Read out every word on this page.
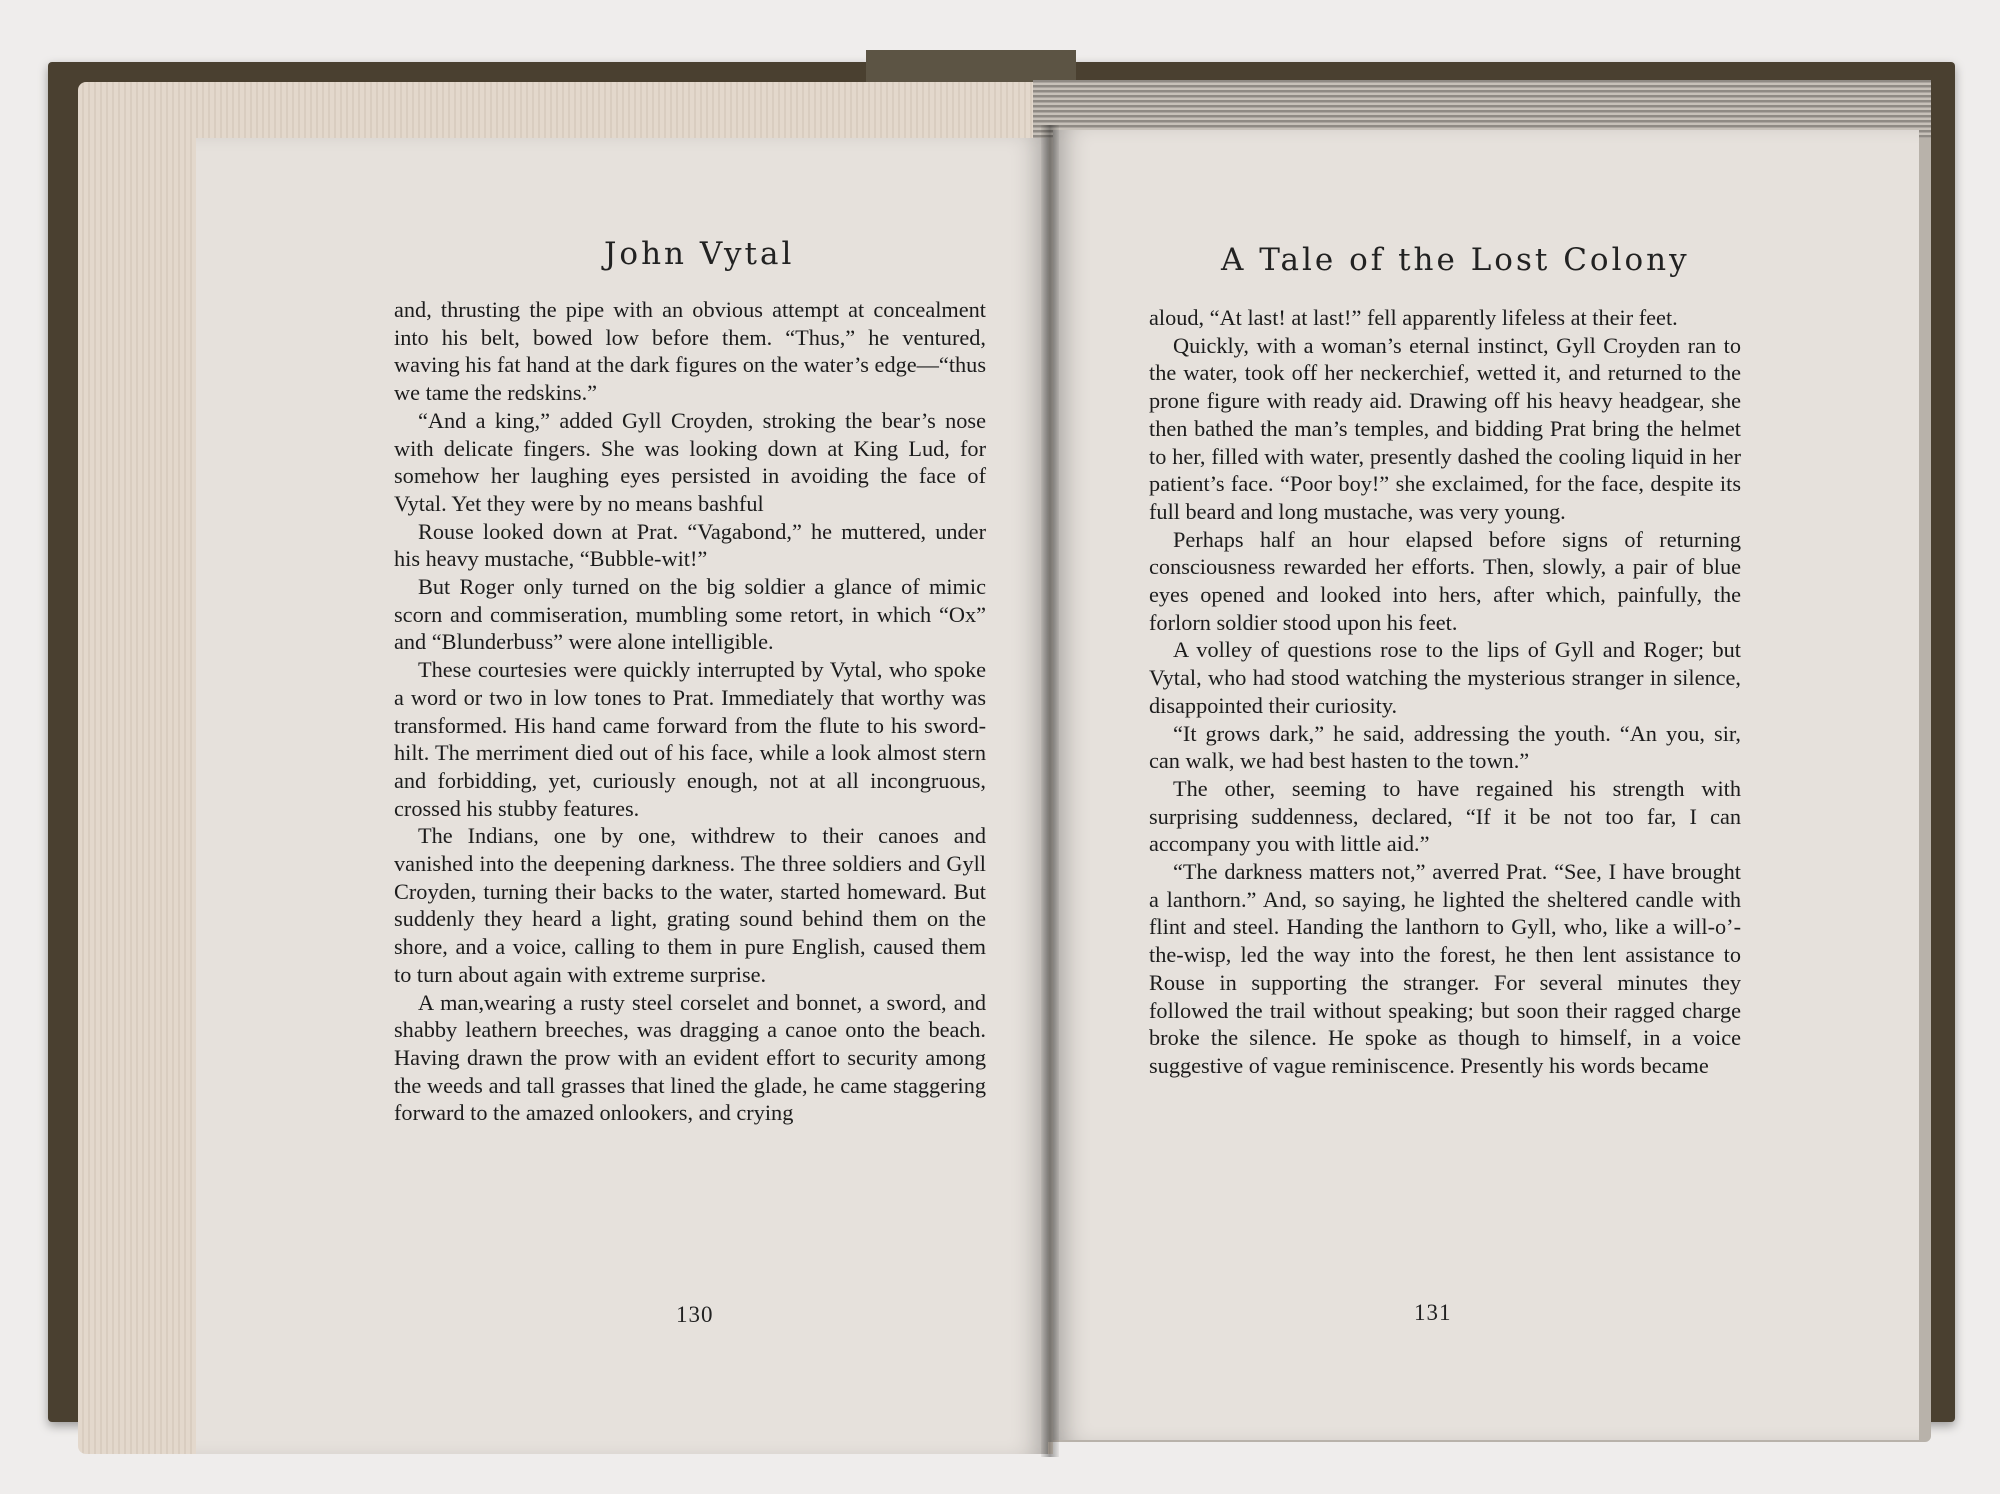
John Vytal

and, thrusting the pipe with an obvious attempt at concealment into his belt, bowed low before them. “Thus,” he ventured, waving his fat hand at the dark figures on the water’s edge—“thus we tame the redskins.”

“And a king,” added Gyll Croyden, stroking the bear’s nose with delicate fingers. She was looking down at King Lud, for somehow her laughing eyes persisted in avoiding the face of Vytal. Yet they were by no means bashful

Rouse looked down at Prat. “Vagabond,” he muttered, under his heavy mustache, “Bubble-wit!”

But Roger only turned on the big soldier a glance of mimic scorn and commiseration, mumbling some retort, in which “Ox” and “Blunderbuss” were alone intelligible.

These courtesies were quickly interrupted by Vytal, who spoke a word or two in low tones to Prat. Immediately that worthy was transformed. His hand came forward from the flute to his sword-hilt. The merriment died out of his face, while a look almost stern and forbidding, yet, curiously enough, not at all incongruous, crossed his stubby features.

The Indians, one by one, withdrew to their canoes and vanished into the deepening darkness. The three soldiers and Gyll Croyden, turning their backs to the water, started homeward. But suddenly they heard a light, grating sound behind them on the shore, and a voice, calling to them in pure English, caused them to turn about again with extreme surprise.

A man,wearing a rusty steel corselet and bonnet, a sword, and shabby leathern breeches, was dragging a canoe onto the beach. Having drawn the prow with an evident effort to security among the weeds and tall grasses that lined the glade, he came staggering forward to the amazed onlookers, and crying

130
A Tale of the Lost Colony

aloud, “At last! at last!” fell apparently lifeless at their feet.

Quickly, with a woman’s eternal instinct, Gyll Croyden ran to the water, took off her neckerchief, wetted it, and returned to the prone figure with ready aid. Drawing off his heavy headgear, she then bathed the man’s temples, and bidding Prat bring the helmet to her, filled with water, presently dashed the cooling liquid in her patient’s face. “Poor boy!” she exclaimed, for the face, despite its full beard and long mustache, was very young.

Perhaps half an hour elapsed before signs of returning consciousness rewarded her efforts. Then, slowly, a pair of blue eyes opened and looked into hers, after which, painfully, the forlorn soldier stood upon his feet.

A volley of questions rose to the lips of Gyll and Roger; but Vytal, who had stood watching the mysterious stranger in silence, disappointed their curiosity.

“It grows dark,” he said, addressing the youth. “An you, sir, can walk, we had best hasten to the town.”

The other, seeming to have regained his strength with surprising suddenness, declared, “If it be not too far, I can accompany you with little aid.”

“The darkness matters not,” averred Prat. “See, I have brought a lanthorn.” And, so saying, he lighted the sheltered candle with flint and steel. Handing the lanthorn to Gyll, who, like a will-o’-the-wisp, led the way into the forest, he then lent assistance to Rouse in supporting the stranger. For several minutes they followed the trail without speaking; but soon their ragged charge broke the silence. He spoke as though to himself, in a voice suggestive of vague reminiscence. Presently his words became

131
